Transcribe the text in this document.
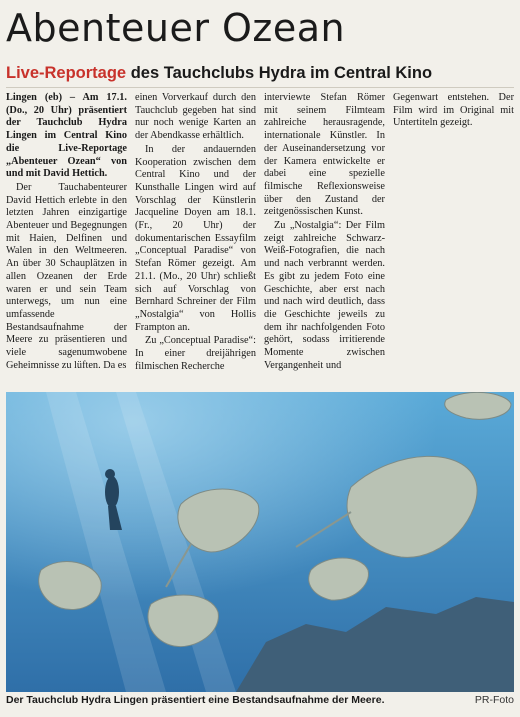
Abenteuer Ozean
Live-Reportage des Tauchclubs Hydra im Central Kino

Lingen (eb) – Am 17.1. (Do., 20 Uhr) präsentiert der Tauchclub Hydra Lingen im Central Kino die Live-Reportage „Abenteuer Ozean“ von und mit David Hettich.

Der Tauchabenteurer David Hettich erlebte in den letzten Jahren einzigartige Abenteuer und Begegnungen mit Haien, Delfinen und Walen in den Weltmeeren. An über 30 Schauplätzen in allen Ozeanen der Erde waren er und sein Team unterwegs, um nun eine umfassende Bestandsaufnahme der Meere zu präsentieren und viele sagenumwobene Geheimnisse zu lüften. Da es

einen Vorverkauf durch den Tauchclub gegeben hat sind nur noch wenige Karten an der Abendkasse erhältlich.

In der andauernden Kooperation zwischen dem Central Kino und der Kunsthalle Lingen wird auf Vorschlag der Künstlerin Jacqueline Doyen am 18.1. (Fr., 20 Uhr) der dokumentarischen Essayfilm „Conceptual Paradise“ von Stefan Römer gezeigt. Am 21.1. (Mo., 20 Uhr) schließt sich auf Vorschlag von Bernhard Schreiner der Film „Nostalgia“ von Hollis Frampton an.

Zu „Conceptual Paradise“: In einer dreijährigen filmischen Recherche

interviewte Stefan Römer mit seinem Filmteam zahlreiche herausragende, internationale Künstler. In der Auseinandersetzung vor der Kamera entwickelte er dabei eine spezielle filmische Reflexionsweise über den Zustand der zeitgenössischen Kunst.

Zu „Nostalgia“: Der Film zeigt zahlreiche Schwarz-Weiß-Fotografien, die nach und nach verbrannt werden. Es gibt zu jedem Foto eine Geschichte, aber erst nach und nach wird deutlich, dass die Geschichte jeweils zu dem ihr nachfolgenden Foto gehört, sodass irritierende Momente zwischen Vergangenheit und

Gegenwart entstehen. Der Film wird im Original mit Untertiteln gezeigt.

Der Tauchclub Hydra Lingen präsentiert eine Bestandsaufnahme der Meere.	PR-Foto
